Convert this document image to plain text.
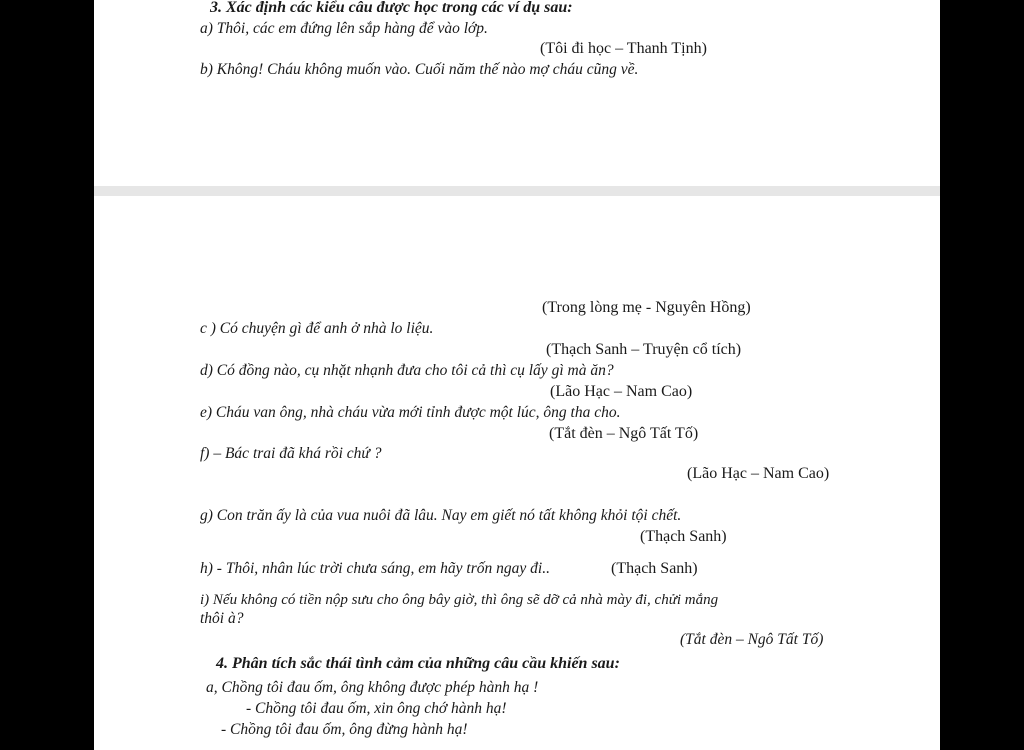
3. Xác định các kiểu câu được học trong các ví dụ sau:
a) Thôi, các em đứng lên sắp hàng để vào lớp.
(Tôi đi học – Thanh Tịnh)
b) Không! Cháu không muốn vào. Cuối năm thế nào mợ cháu cũng về.
(Trong lòng mẹ - Nguyên Hồng)
c ) Có chuyện gì để anh ở nhà lo liệu.
(Thạch Sanh – Truyện cổ tích)
d) Có đồng nào, cụ nhặt nhạnh đưa cho tôi cả thì cụ lấy gì mà ăn?
(Lão Hạc – Nam Cao)
e) Cháu van ông, nhà cháu vừa mới tỉnh được một lúc, ông tha cho.
(Tắt đèn – Ngô Tất Tố)
f) – Bác trai đã khá rồi chứ ?
(Lão Hạc – Nam Cao)
g) Con trăn ấy là của vua nuôi đã lâu. Nay em giết nó tất không khỏi tội chết.
(Thạch Sanh)
h) - Thôi, nhân lúc trời chưa sáng, em hãy trốn ngay đi..	(Thạch Sanh)
i) Nếu không có tiền nộp sưu cho ông bây giờ, thì ông sẽ dỡ cả nhà mày đi, chửi mắng
thôi à?
(Tắt đèn – Ngô Tất Tố)
4. Phân tích sắc thái tình cảm của những câu cầu khiến sau:
a, Chồng tôi đau ốm, ông không được phép hành hạ !
- Chồng tôi đau ốm, xin ông chớ hành hạ!
- Chồng tôi đau ốm, ông đừng hành hạ!
